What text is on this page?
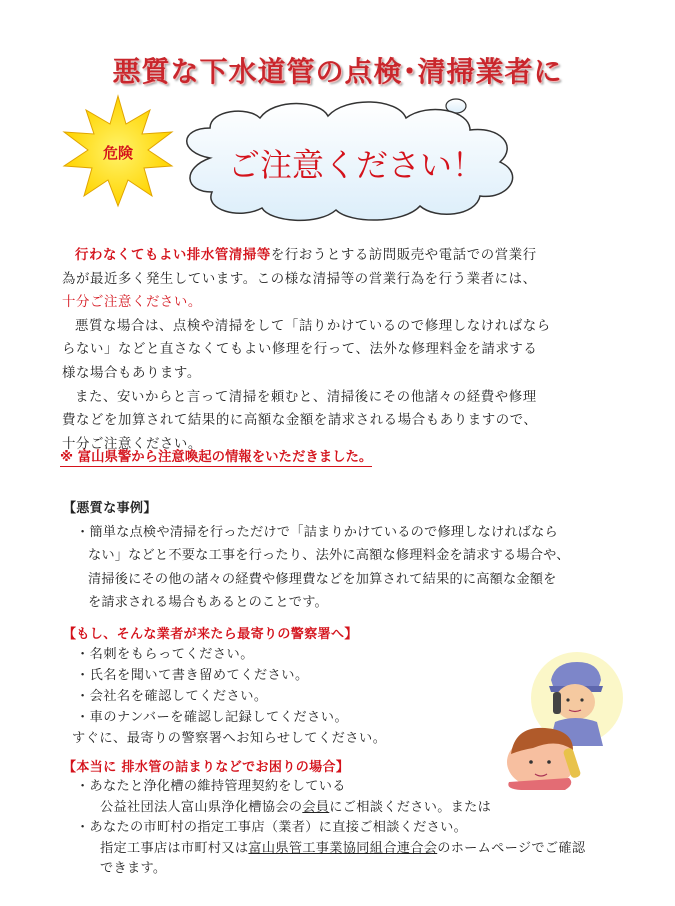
悪質な下水道管の点検･清掃業者に
危険	ご注意ください！
行わなくてもよい排水管清掃等を行おうとする訪問販売や電話での営業行
為が最近多く発生しています。この様な清掃等の営業行為を行う業者には、
十分ご注意ください。
悪質な場合は、点検や清掃をして「詰りかけているので修理しなければなら
らない」などと直さなくてもよい修理を行って、法外な修理料金を請求する
様な場合もあります。
また、安いからと言って清掃を頼むと、清掃後にその他諸々の経費や修理
費などを加算されて結果的に高額な金額を請求される場合もありますので、
十分ご注意ください。
※ 富山県警から注意喚起の情報をいただきました。
【悪質な事例】
・簡単な点検や清掃を行っただけで「詰まりかけているので修理しなければなら
ない」などと不要な工事を行ったり、法外に高額な修理料金を請求する場合や、
清掃後にその他の諸々の経費や修理費などを加算されて結果的に高額な金額を
を請求される場合もあるとのことです。
【もし、そんな業者が来たら最寄りの警察署へ】
・名刺をもらってください。
・氏名を聞いて書き留めてください。
・会社名を確認してください。
・車のナンバーを確認し記録してください。
すぐに、最寄りの警察署へお知らせしてください。
【本当に 排水管の詰まりなどでお困りの場合】
・あなたと浄化槽の維持管理契約をしている
公益社団法人富山県浄化槽協会の会員にご相談ください。または
・あなたの市町村の指定工事店（業者）に直接ご相談ください。
指定工事店は市町村又は富山県管工事業協同組合連合会のホームページでご確認
できます。
